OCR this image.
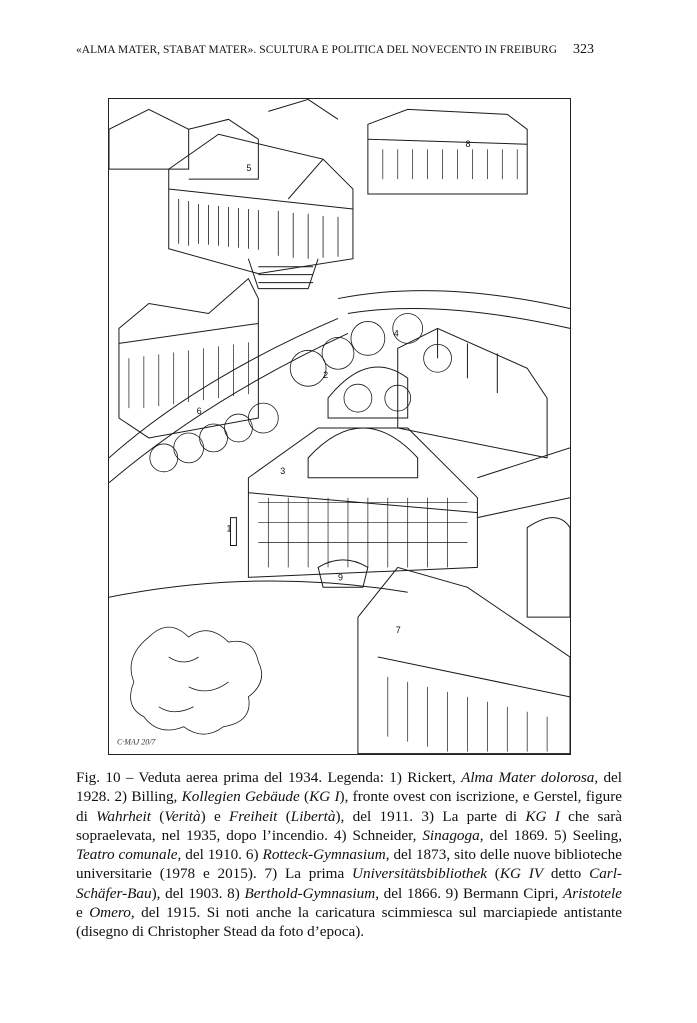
«ALMA MATER, STABAT MATER». SCULTURA E POLITICA DEL NOVECENTO IN FREIBURG	323
5
8
4
2
6
3
1
9
7
C·MAJ 20/7
Fig. 10 – Veduta aerea prima del 1934. Legenda: 1) Rickert, Alma Mater dolorosa, del 1928. 2) Billing, Kollegien Gebäude (KG I), fronte ovest con iscrizione, e Gerstel, figure di Wahrheit (Verità) e Freiheit (Libertà), del 1911. 3) La parte di KG I che sarà sopraelevata, nel 1935, dopo l’incendio. 4) Schneider, Sinagoga, del 1869. 5) Seeling, Teatro comunale, del 1910. 6) Rotteck-Gymnasium, del 1873, sito delle nuove biblioteche universitarie (1978 e 2015). 7) La prima Universitätsbibliothek (KG IV detto Carl-Schäfer-Bau), del 1903. 8) Berthold-Gymnasium, del 1866. 9) Bermann Cipri, Aristotele e Omero, del 1915. Si noti anche la caricatura scimmiesca sul marciapiede antistante (disegno di Christopher Stead da foto d’epoca).
